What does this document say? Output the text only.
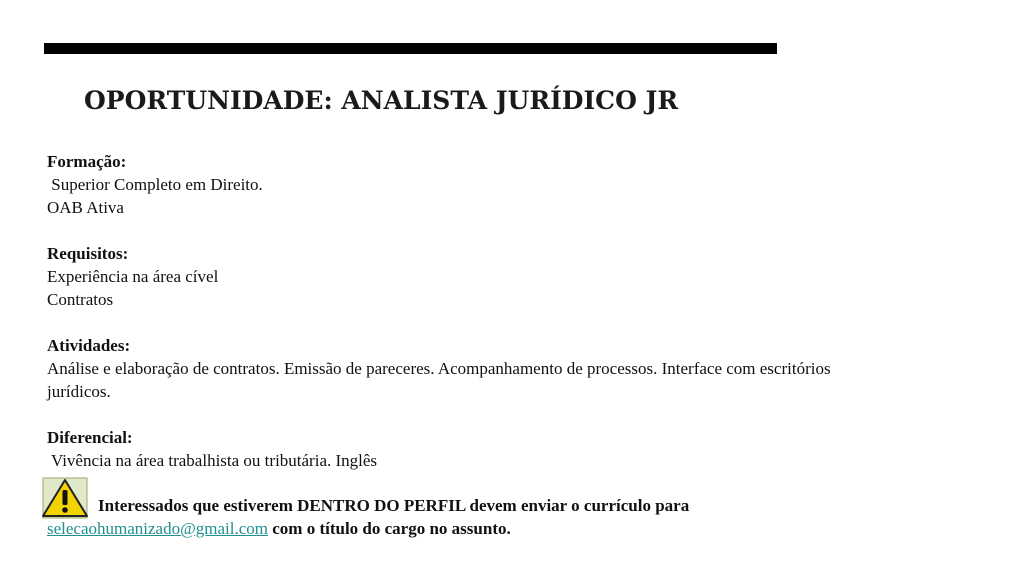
OPORTUNIDADE: ANALISTA JURÍDICO JR
Formação:
Superior Completo em Direito.
OAB Ativa
Requisitos:
Experiência na área cível
Contratos
Atividades:
Análise e elaboração de contratos. Emissão de pareceres. Acompanhamento de processos. Interface com escritórios jurídicos.
Diferencial:
Vivência na área trabalhista ou tributária. Inglês
Interessados que estiverem DENTRO DO PERFIL devem enviar o currículo para
selecaohumanizado@gmail.com com o título do cargo no assunto.
